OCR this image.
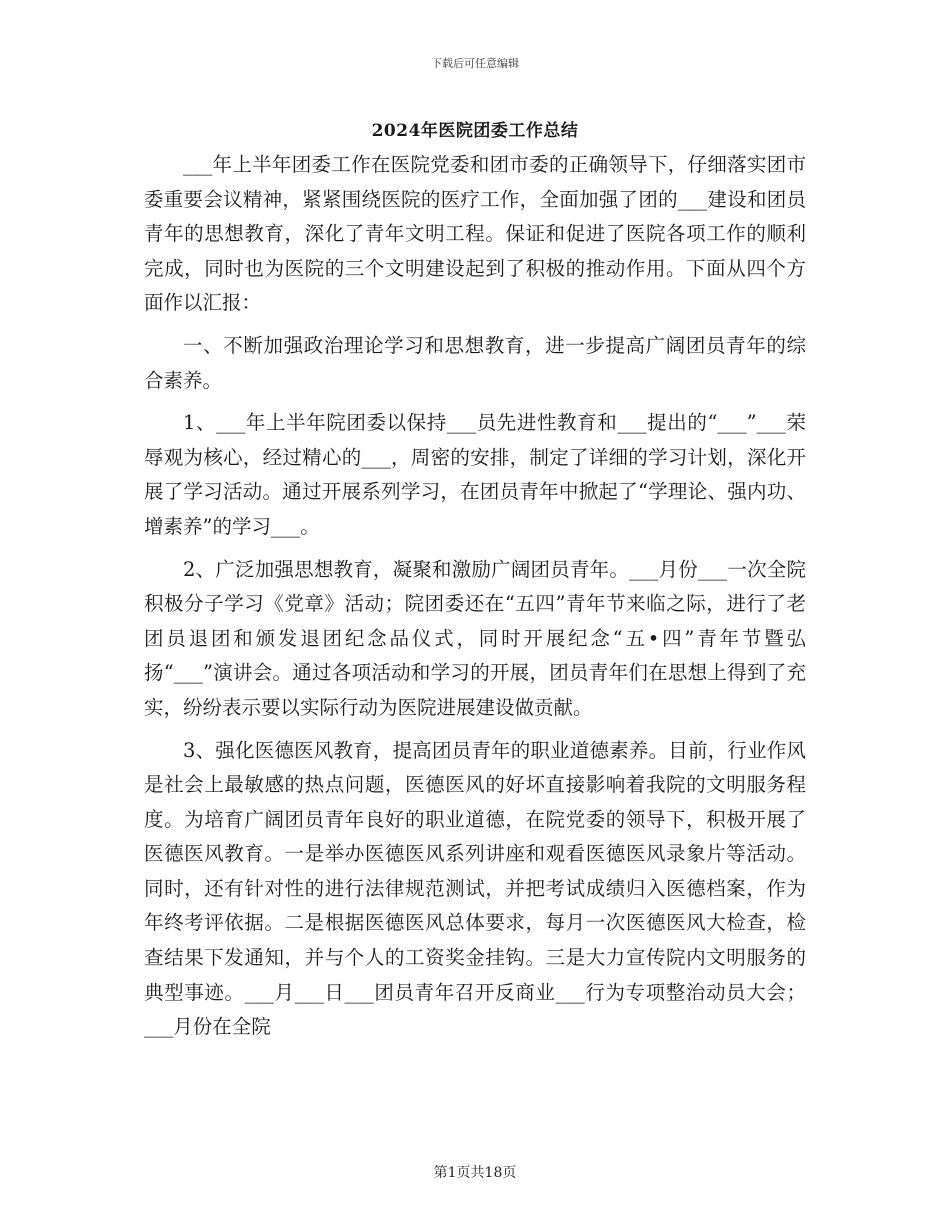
下载后可任意编辑
2024年医院团委工作总结

___年上半年团委工作在医院党委和团市委的正确领导下，仔细落实团市委重要会议精神，紧紧围绕医院的医疗工作，全面加强了团的___建设和团员青年的思想教育，深化了青年文明工程。保证和促进了医院各项工作的顺利完成，同时也为医院的三个文明建设起到了积极的推动作用。下面从四个方面作以汇报：

一、不断加强政治理论学习和思想教育，进一步提高广阔团员青年的综合素养。

1、___年上半年院团委以保持___员先进性教育和___提出的“___”___荣辱观为核心，经过精心的___，周密的安排，制定了详细的学习计划，深化开展了学习活动。通过开展系列学习，在团员青年中掀起了“学理论、强内功、增素养”的学习___。

2、广泛加强思想教育，凝聚和激励广阔团员青年。___月份___一次全院积极分子学习《党章》活动；院团委还在“五四”青年节来临之际，进行了老团员退团和颁发退团纪念品仪式，同时开展纪念“五•四”青年节暨弘扬“___”演讲会。通过各项活动和学习的开展，团员青年们在思想上得到了充实，纷纷表示要以实际行动为医院进展建设做贡献。

3、强化医德医风教育，提高团员青年的职业道德素养。目前，行业作风是社会上最敏感的热点问题，医德医风的好坏直接影响着我院的文明服务程度。为培育广阔团员青年良好的职业道德，在院党委的领导下，积极开展了医德医风教育。一是举办医德医风系列讲座和观看医德医风录象片等活动。同时，还有针对性的进行法律规范测试，并把考试成绩归入医德档案，作为年终考评依据。二是根据医德医风总体要求，每月一次医德医风大检查，检查结果下发通知，并与个人的工资奖金挂钩。三是大力宣传院内文明服务的典型事迹。___月___日___团员青年召开反商业___行为专项整治动员大会；___月份在全院

第1页共18页
